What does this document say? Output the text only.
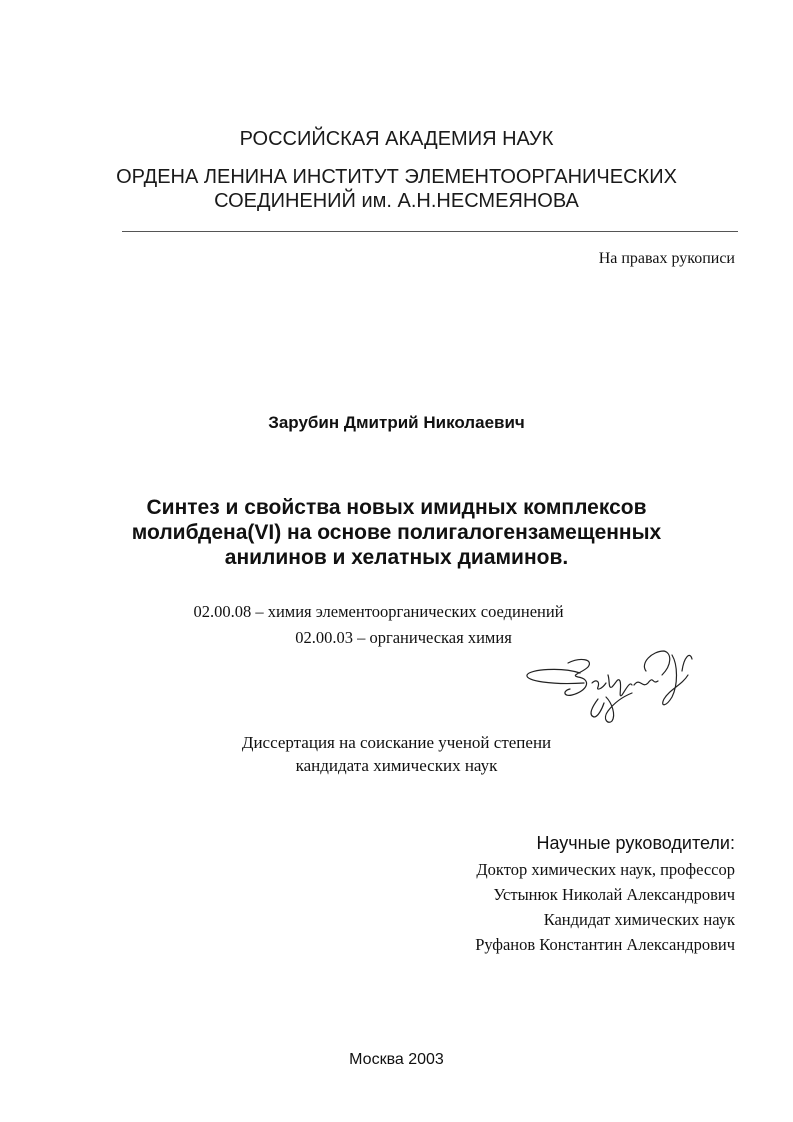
РОССИЙСКАЯ АКАДЕМИЯ НАУК
ОРДЕНА ЛЕНИНА ИНСТИТУТ ЭЛЕМЕНТООРГАНИЧЕСКИХ
СОЕДИНЕНИЙ им. А.Н.НЕСМЕЯНОВА
На правах рукописи
Зарубин Дмитрий Николаевич
Синтез и свойства новых имидных комплексов
молибдена(VI) на основе полигалогензамещенных
анилинов и хелатных диаминов.
02.00.08 – химия элементоорганических соединений
02.00.03 – органическая химия
Диссертация на соискание ученой степени
кандидата химических наук
Научные руководители:
Доктор химических наук, профессор
Устынюк Николай Александрович
Кандидат химических наук
Руфанов Константин Александрович
Москва 2003
